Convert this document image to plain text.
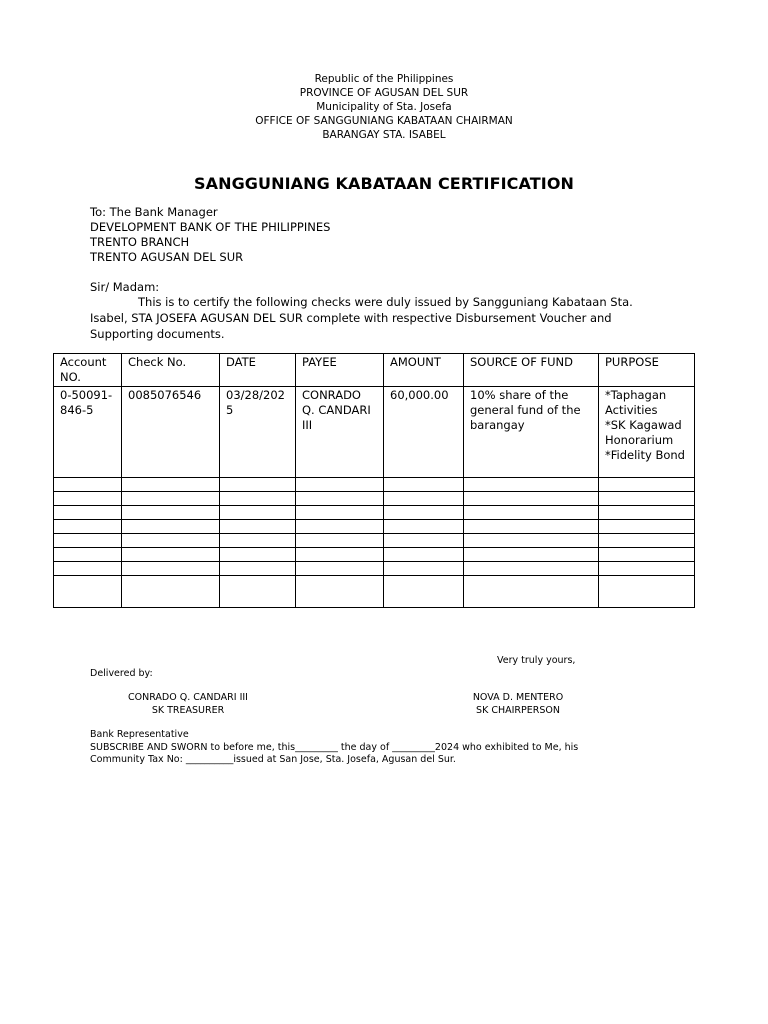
Republic of the Philippines
PROVINCE OF AGUSAN DEL SUR
Municipality of Sta. Josefa
OFFICE OF SANGGUNIANG KABATAAN CHAIRMAN
BARANGAY STA. ISABEL
SANGGUNIANG KABATAAN CERTIFICATION
To: The Bank Manager
DEVELOPMENT BANK OF THE PHILIPPINES
TRENTO BRANCH
TRENTO AGUSAN DEL SUR
Sir/ Madam:
This is to certify the following checks were duly issued by Sangguniang Kabataan Sta. Isabel, STA JOSEFA AGUSAN DEL SUR complete with respective Disbursement Voucher and Supporting documents.
Account NO.	Check No.	DATE	PAYEE	AMOUNT	SOURCE OF FUND	PURPOSE
0-50091-846-5	0085076546	03/28/2025	CONRADO Q. CANDARI III	60,000.00	10% share of the general fund of the barangay	*Taphagan Activities
*SK Kagawad Honorarium
*Fidelity Bond

Very truly yours,
Delivered by:
CONRADO Q. CANDARI III
SK TREASURER
NOVA D. MENTERO
SK CHAIRPERSON
Bank Representative
SUBSCRIBE AND SWORN to before me, this_________ the day of _________2024 who exhibited to Me, his
Community Tax No: __________issued at San Jose, Sta. Josefa, Agusan del Sur.
